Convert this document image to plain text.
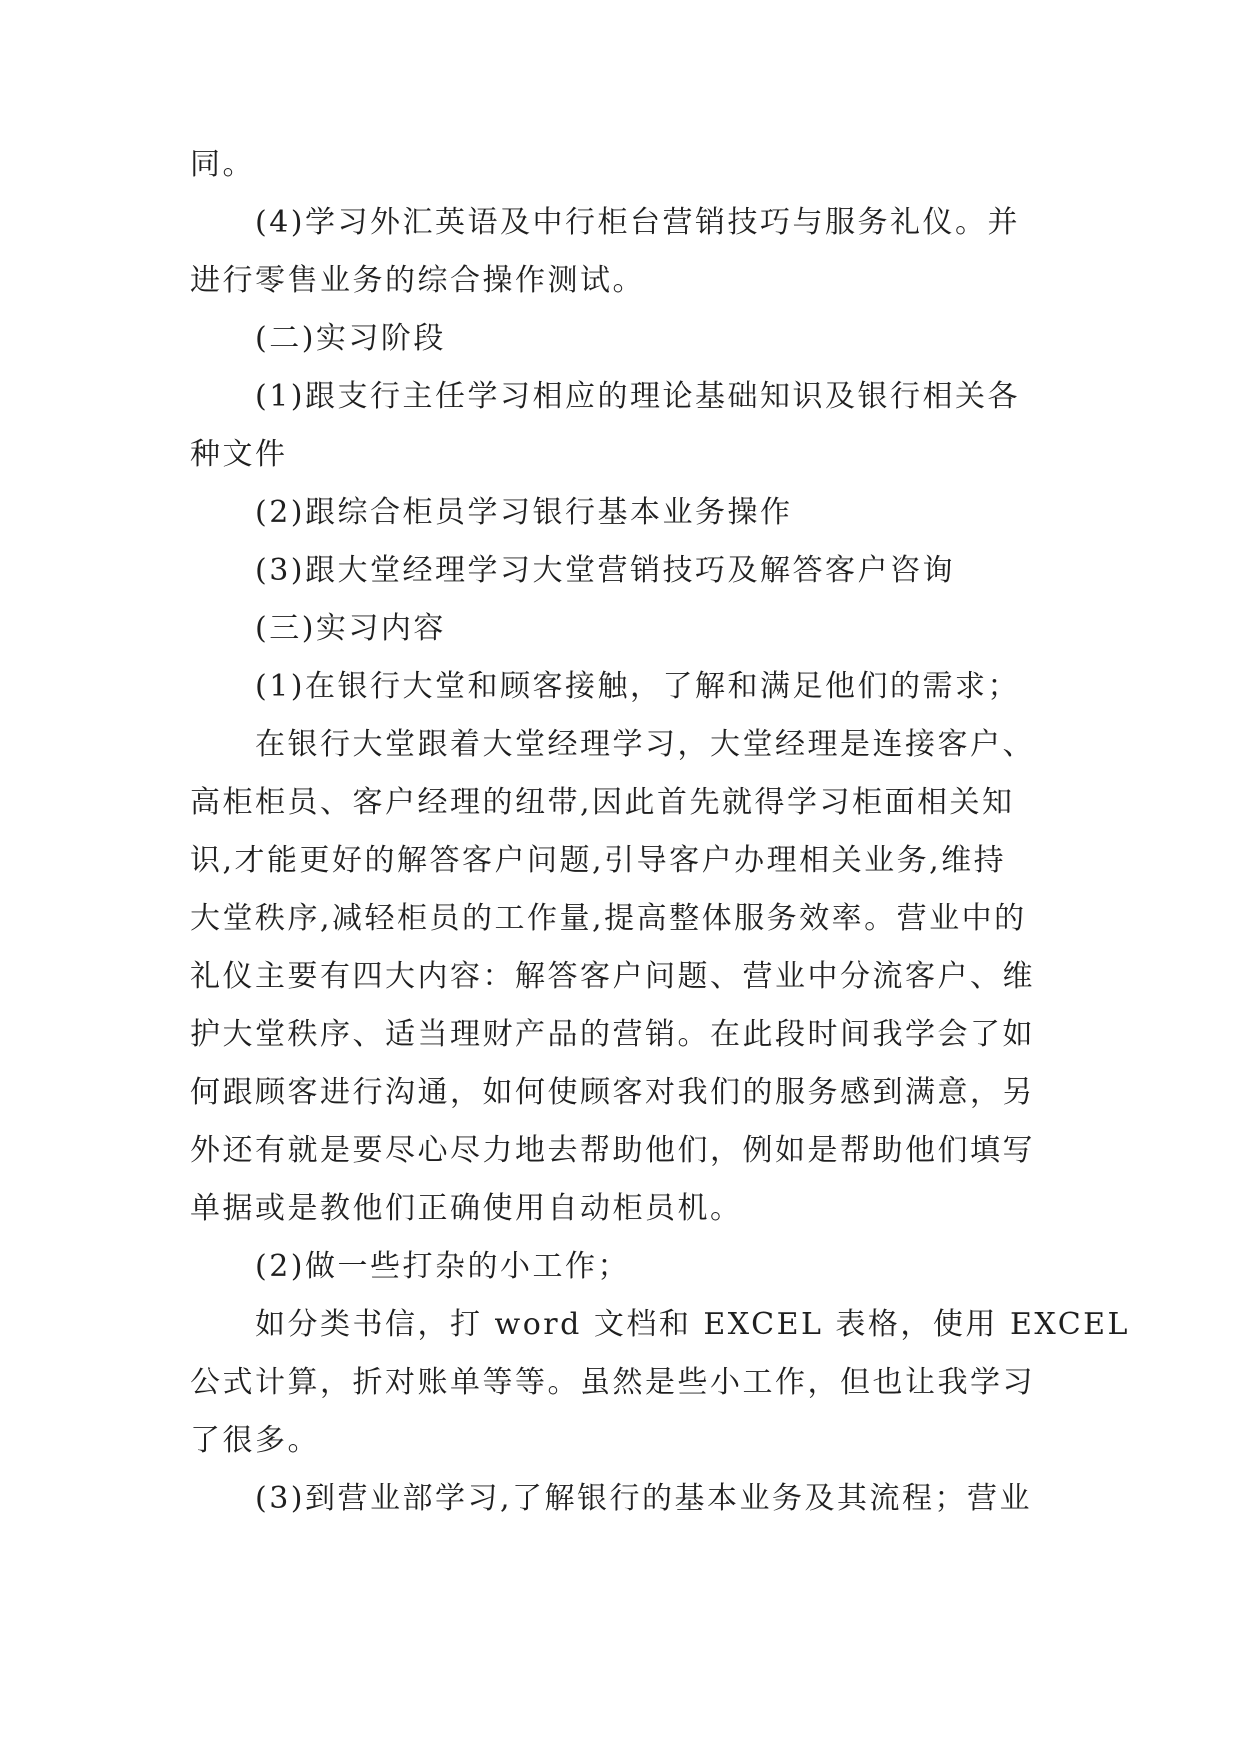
同。
(4)学习外汇英语及中行柜台营销技巧与服务礼仪。并
进行零售业务的综合操作测试。
(二)实习阶段
(1)跟支行主任学习相应的理论基础知识及银行相关各
种文件
(2)跟综合柜员学习银行基本业务操作
(3)跟大堂经理学习大堂营销技巧及解答客户咨询
(三)实习内容
(1)在银行大堂和顾客接触，了解和满足他们的需求；
在银行大堂跟着大堂经理学习，大堂经理是连接客户、
高柜柜员、客户经理的纽带,因此首先就得学习柜面相关知
识,才能更好的解答客户问题,引导客户办理相关业务,维持
大堂秩序,减轻柜员的工作量,提高整体服务效率。营业中的
礼仪主要有四大内容：解答客户问题、营业中分流客户、维
护大堂秩序、适当理财产品的营销。在此段时间我学会了如
何跟顾客进行沟通，如何使顾客对我们的服务感到满意，另
外还有就是要尽心尽力地去帮助他们，例如是帮助他们填写
单据或是教他们正确使用自动柜员机。
(2)做一些打杂的小工作；
如分类书信，打 word 文档和 EXCEL 表格，使用 EXCEL
公式计算，折对账单等等。虽然是些小工作，但也让我学习
了很多。
(3)到营业部学习,了解银行的基本业务及其流程；营业
